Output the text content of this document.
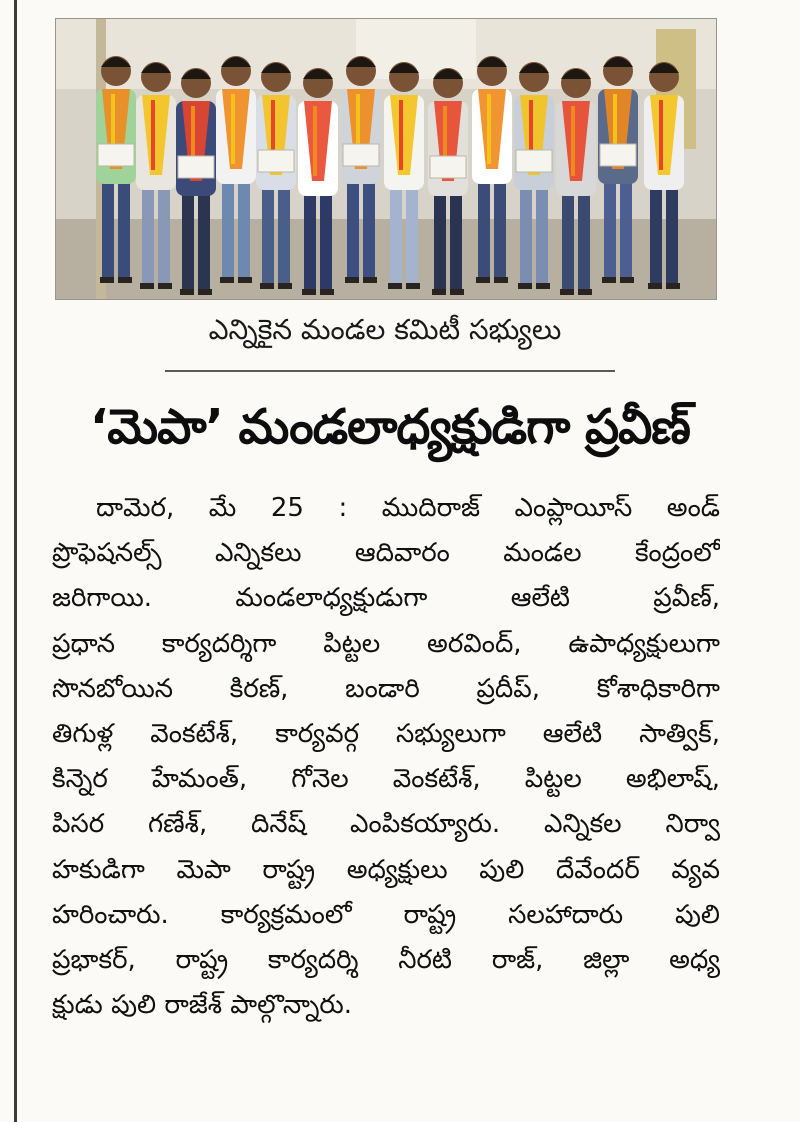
ఎన్నికైన మండల కమిటీ సభ్యులు
‘మెపా’ మండలాధ్యక్షుడిగా ప్రవీణ్
దామెర, మే 25 : ముదిరాజ్ ఎంప్లాయీస్ అండ్
ప్రొఫెషనల్స్ ఎన్నికలు ఆదివారం మండల కేంద్రంలో
జరిగాయి. మండలాధ్యక్షుడుగా ఆలేటి ప్రవీణ్,
ప్రధాన కార్యదర్శిగా పిట్టల అరవింద్, ఉపాధ్యక్షులుగా
సొనబోయిన కిరణ్, బండారి ప్రదీప్, కోశాధికారిగా
తిగుళ్ల వెంకటేశ్, కార్యవర్గ సభ్యులుగా ఆలేటి సాత్విక్,
కిన్నెర హేమంత్, గోనెల వెంకటేశ్, పిట్టల అభిలాష్,
పిసర గణేశ్, దినేష్ ఎంపికయ్యారు. ఎన్నికల నిర్వా
హకుడిగా మెపా రాష్ట్ర అధ్యక్షులు పులి దేవేందర్ వ్యవ
హరించారు. కార్యక్రమంలో రాష్ట్ర సలహాదారు పులి
ప్రభాకర్, రాష్ట్ర కార్యదర్శి నీరటి రాజ్, జిల్లా అధ్య
క్షుడు పులి రాజేశ్ పాల్గొన్నారు.
